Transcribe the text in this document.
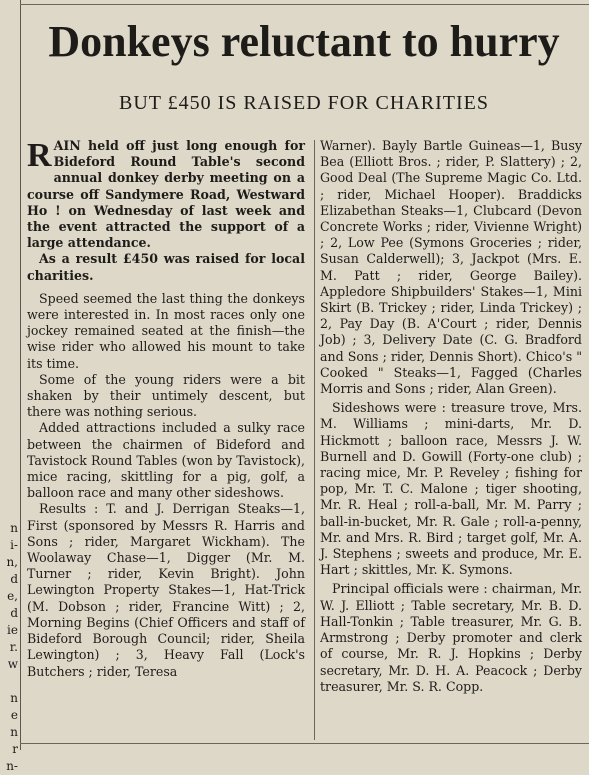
n
i-
n,
d
e,
d
ie
r.
w

n
e
n
r
n-
Donkeys reluctant to hurry
BUT £450 IS RAISED FOR CHARITIES

RAIN held off just long enough for Bideford Round Table's second annual donkey derby meeting on a course off Sandymere Road, Westward Ho ! on Wednesday of last week and the event attracted the support of a large attendance.

As a result £450 was raised for local charities.

Speed seemed the last thing the donkeys were interested in. In most races only one jockey remained seated at the finish—the wise rider who allowed his mount to take its time.

Some of the young riders were a bit shaken by their untimely descent, but there was nothing serious.

Added attractions included a sulky race between the chairmen of Bideford and Tavistock Round Tables (won by Tavistock), mice racing, skittling for a pig, golf, a balloon race and many other sideshows.

Results : T. and J. Derrigan Steaks—1, First (sponsored by Messrs R. Harris and Sons ; rider, Margaret Wickham). The Woolaway Chase—1, Digger (Mr. M. Turner ; rider, Kevin Bright). John Lewington Property Stakes—1, Hat-Trick (M. Dobson ; rider, Francine Witt) ; 2, Morning Begins (Chief Officers and staff of Bideford Borough Council; rider, Sheila Lewington) ; 3, Heavy Fall (Lock's Butchers ; rider, Teresa

Warner). Bayly Bartle Guineas—1, Busy Bea (Elliott Bros. ; rider, P. Slattery) ; 2, Good Deal (The Supreme Magic Co. Ltd. ; rider, Michael Hooper). Braddicks Elizabethan Steaks—1, Clubcard (Devon Concrete Works ; rider, Vivienne Wright) ; 2, Low Pee (Symons Groceries ; rider, Susan Calderwell); 3, Jackpot (Mrs. E. M. Patt ; rider, George Bailey). Appledore Shipbuilders' Stakes—1, Mini Skirt (B. Trickey ; rider, Linda Trickey) ; 2, Pay Day (B. A'Court ; rider, Dennis Job) ; 3, Delivery Date (C. G. Bradford and Sons ; rider, Dennis Short). Chico's " Cooked " Steaks—1, Fagged (Charles Morris and Sons ; rider, Alan Green).

Sideshows were : treasure trove, Mrs. M. Williams ; mini-darts, Mr. D. Hickmott ; balloon race, Messrs J. W. Burnell and D. Gowill (Forty-one club) ; racing mice, Mr. P. Reveley ; fishing for pop, Mr. T. C. Malone ; tiger shooting, Mr. R. Heal ; roll-a-ball, Mr. M. Parry ; ball-in-bucket, Mr. R. Gale ; roll-a-penny, Mr. and Mrs. R. Bird ; target golf, Mr. A. J. Stephens ; sweets and produce, Mr. E. Hart ; skittles, Mr. K. Symons.

Principal officials were : chairman, Mr. W. J. Elliott ; Table secretary, Mr. B. D. Hall-Tonkin ; Table treasurer, Mr. G. B. Armstrong ; Derby promoter and clerk of course, Mr. R. J. Hopkins ; Derby secretary, Mr. D. H. A. Peacock ; Derby treasurer, Mr. S. R. Copp.
